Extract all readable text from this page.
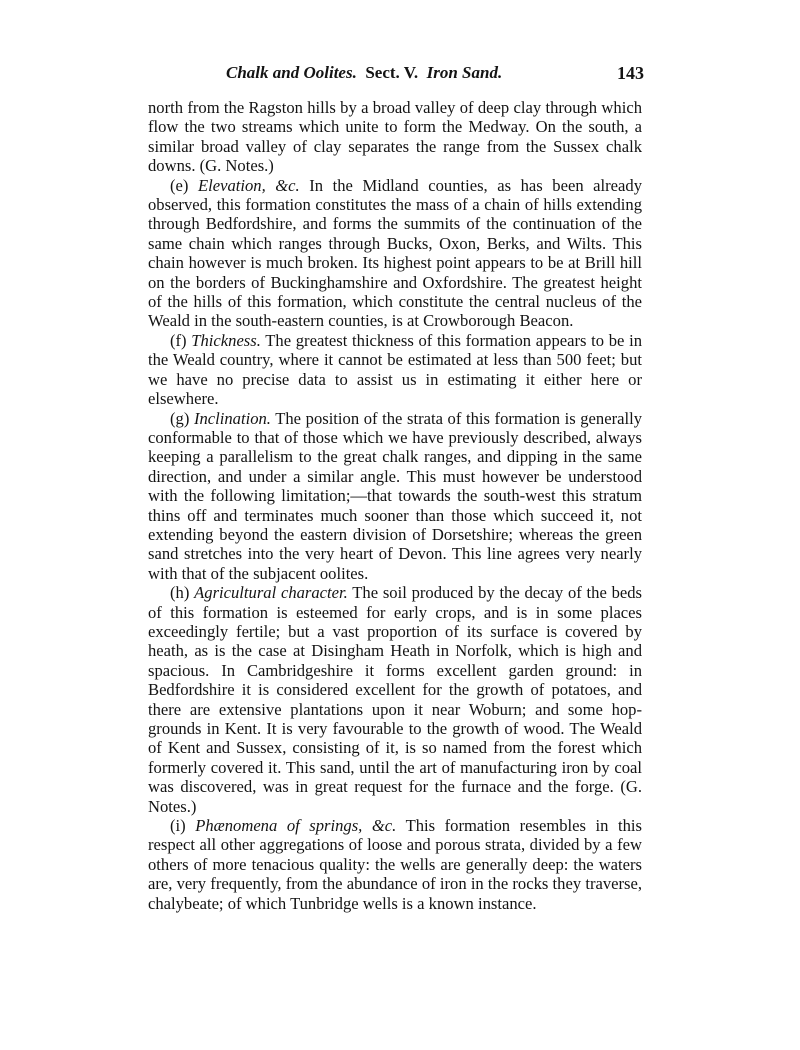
Chalk and Oolites. Sect. V. Iron Sand.	143

north from the Ragston hills by a broad valley of deep clay through which flow the two streams which unite to form the Medway. On the south, a similar broad valley of clay separates the range from the Sussex chalk downs. (G. Notes.)

(e) Elevation, &c. In the Midland counties, as has been already observed, this formation constitutes the mass of a chain of hills extending through Bedfordshire, and forms the summits of the continuation of the same chain which ranges through Bucks, Oxon, Berks, and Wilts. This chain however is much broken. Its highest point appears to be at Brill hill on the borders of Buckinghamshire and Oxfordshire. The greatest height of the hills of this formation, which constitute the central nucleus of the Weald in the south-eastern counties, is at Crowborough Beacon.

(f) Thickness. The greatest thickness of this formation appears to be in the Weald country, where it cannot be estimated at less than 500 feet; but we have no precise data to assist us in estimating it either here or elsewhere.

(g) Inclination. The position of the strata of this formation is generally conformable to that of those which we have previously described, always keeping a parallelism to the great chalk ranges, and dipping in the same direction, and under a similar angle. This must however be understood with the following limitation;—that towards the south-west this stratum thins off and terminates much sooner than those which succeed it, not extending beyond the eastern division of Dorsetshire; whereas the green sand stretches into the very heart of Devon. This line agrees very nearly with that of the subjacent oolites.

(h) Agricultural character. The soil produced by the decay of the beds of this formation is esteemed for early crops, and is in some places exceedingly fertile; but a vast proportion of its surface is covered by heath, as is the case at Disingham Heath in Norfolk, which is high and spacious. In Cambridgeshire it forms excellent garden ground: in Bedfordshire it is considered excellent for the growth of potatoes, and there are extensive plantations upon it near Woburn; and some hop-grounds in Kent. It is very favourable to the growth of wood. The Weald of Kent and Sussex, consisting of it, is so named from the forest which formerly covered it. This sand, until the art of manufacturing iron by coal was discovered, was in great request for the furnace and the forge. (G. Notes.)

(i) Phænomena of springs, &c. This formation resembles in this respect all other aggregations of loose and porous strata, divided by a few others of more tenacious quality: the wells are generally deep: the waters are, very frequently, from the abundance of iron in the rocks they traverse, chalybeate; of which Tunbridge wells is a known instance.
